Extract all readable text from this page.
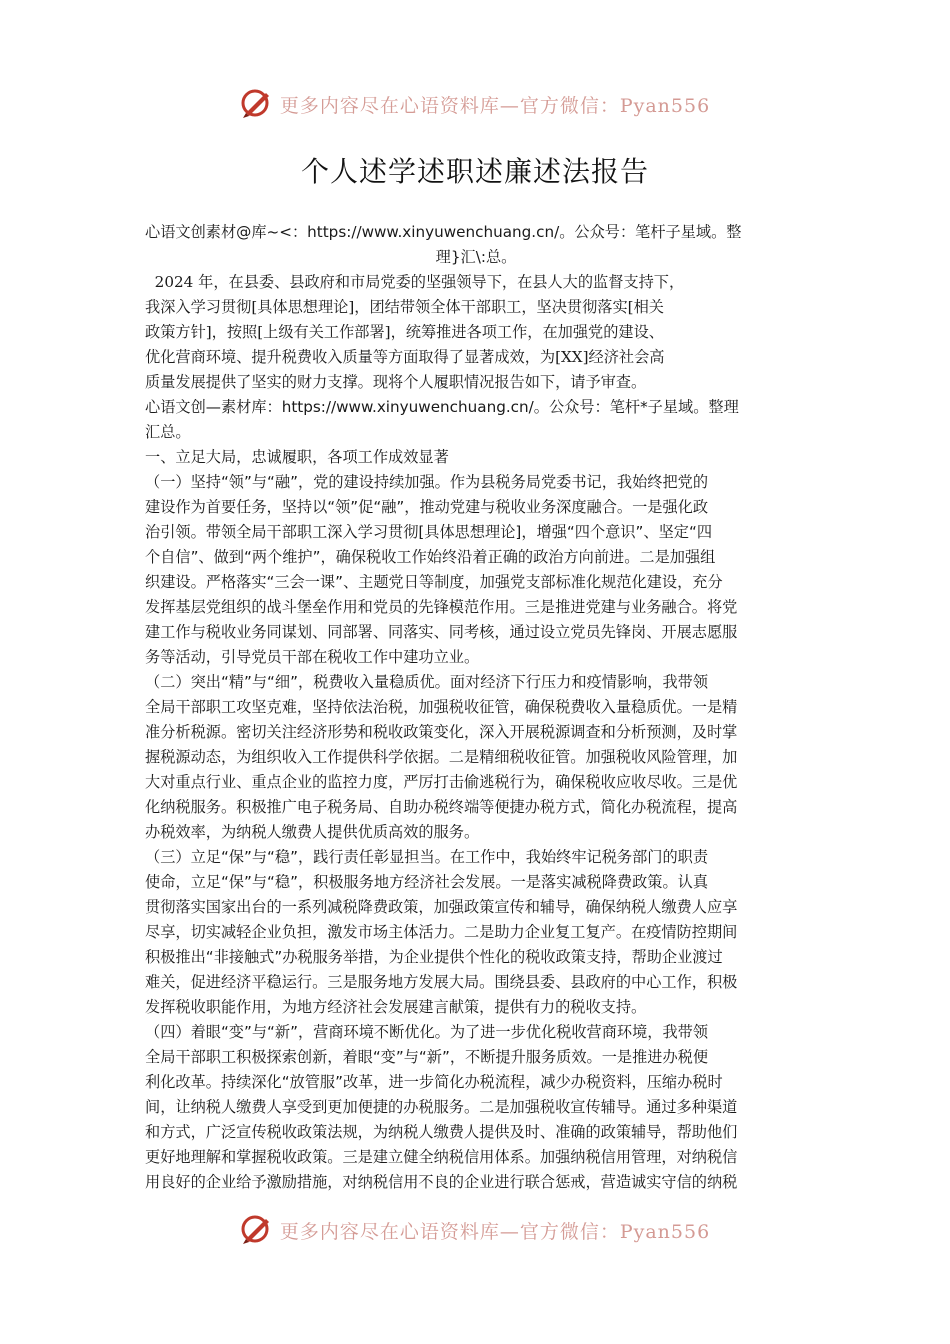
更多内容尽在心语资料库—官方微信：Pyan556
个人述学述职述廉述法报告
心语文创素材@库~<：https://www.xinyuwenchuang.cn/。公众号：笔杆子星域。整
理}汇\:总。
2024 年，在县委、县政府和市局党委的坚强领导下，在县人大的监督支持下，
我深入学习贯彻[具体思想理论]，团结带领全体干部职工，坚决贯彻落实[相关
政策方针]，按照[上级有关工作部署]，统筹推进各项工作，在加强党的建设、
优化营商环境、提升税费收入质量等方面取得了显著成效，为[XX]经济社会高
质量发展提供了坚实的财力支撑。现将个人履职情况报告如下，请予审查。
心语文创—素材库：https://www.xinyuwenchuang.cn/。公众号：笔杆*子星域。整理
汇总。
一、立足大局，忠诚履职，各项工作成效显著
（一）坚持“领”与“融”，党的建设持续加强。作为县税务局党委书记，我始终把党的
建设作为首要任务，坚持以“领”促“融”，推动党建与税收业务深度融合。一是强化政
治引领。带领全局干部职工深入学习贯彻[具体思想理论]，增强“四个意识”、坚定“四
个自信”、做到“两个维护”，确保税收工作始终沿着正确的政治方向前进。二是加强组
织建设。严格落实“三会一课”、主题党日等制度，加强党支部标准化规范化建设，充分
发挥基层党组织的战斗堡垒作用和党员的先锋模范作用。三是推进党建与业务融合。将党
建工作与税收业务同谋划、同部署、同落实、同考核，通过设立党员先锋岗、开展志愿服
务等活动，引导党员干部在税收工作中建功立业。
（二）突出“精”与“细”，税费收入量稳质优。面对经济下行压力和疫情影响，我带领
全局干部职工攻坚克难，坚持依法治税，加强税收征管，确保税费收入量稳质优。一是精
准分析税源。密切关注经济形势和税收政策变化，深入开展税源调查和分析预测，及时掌
握税源动态，为组织收入工作提供科学依据。二是精细税收征管。加强税收风险管理，加
大对重点行业、重点企业的监控力度，严厉打击偷逃税行为，确保税收应收尽收。三是优
化纳税服务。积极推广电子税务局、自助办税终端等便捷办税方式，简化办税流程，提高
办税效率，为纳税人缴费人提供优质高效的服务。
（三）立足“保”与“稳”，践行责任彰显担当。在工作中，我始终牢记税务部门的职责
使命，立足“保”与“稳”，积极服务地方经济社会发展。一是落实减税降费政策。认真
贯彻落实国家出台的一系列减税降费政策，加强政策宣传和辅导，确保纳税人缴费人应享
尽享，切实减轻企业负担，激发市场主体活力。二是助力企业复工复产。在疫情防控期间
积极推出“非接触式”办税服务举措，为企业提供个性化的税收政策支持，帮助企业渡过
难关，促进经济平稳运行。三是服务地方发展大局。围绕县委、县政府的中心工作，积极
发挥税收职能作用，为地方经济社会发展建言献策，提供有力的税收支持。
（四）着眼“变”与“新”，营商环境不断优化。为了进一步优化税收营商环境，我带领
全局干部职工积极探索创新，着眼“变”与“新”，不断提升服务质效。一是推进办税便
利化改革。持续深化“放管服”改革，进一步简化办税流程，减少办税资料，压缩办税时
间，让纳税人缴费人享受到更加便捷的办税服务。二是加强税收宣传辅导。通过多种渠道
和方式，广泛宣传税收政策法规，为纳税人缴费人提供及时、准确的政策辅导，帮助他们
更好地理解和掌握税收政策。三是建立健全纳税信用体系。加强纳税信用管理，对纳税信
用良好的企业给予激励措施，对纳税信用不良的企业进行联合惩戒，营造诚实守信的纳税
更多内容尽在心语资料库—官方微信：Pyan556
